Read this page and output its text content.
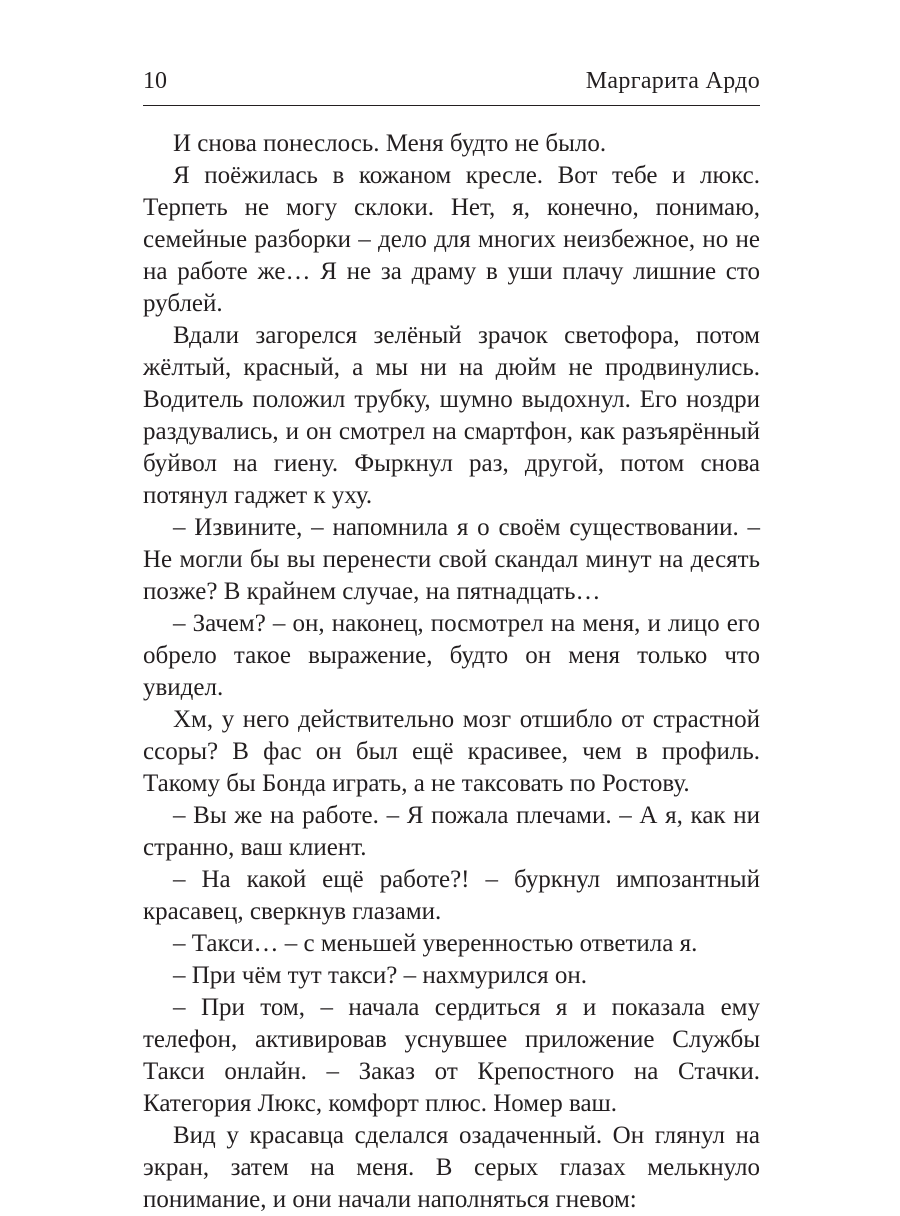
10	Маргарита Ардо

И снова понеслось. Меня будто не было.

Я поёжилась в кожаном кресле. Вот тебе и люкс. Терпеть не могу склоки. Нет, я, конечно, понимаю, семейные разборки – дело для многих неизбежное, но не на работе же… Я не за драму в уши плачу лишние сто рублей.

Вдали загорелся зелёный зрачок светофора, потом жёлтый, красный, а мы ни на дюйм не продвинулись. Водитель положил трубку, шумно выдохнул. Его ноздри раздувались, и он смотрел на смартфон, как разъярённый буйвол на гиену. Фыркнул раз, другой, потом снова потянул гаджет к уху.

– Извините, – напомнила я о своём существовании. – Не могли бы вы перенести свой скандал минут на десять позже? В крайнем случае, на пятнадцать…

– Зачем? – он, наконец, посмотрел на меня, и лицо его обрело такое выражение, будто он меня только что увидел.

Хм, у него действительно мозг отшибло от страстной ссоры? В фас он был ещё красивее, чем в профиль. Такому бы Бонда играть, а не таксовать по Ростову.

– Вы же на работе. – Я пожала плечами. – А я, как ни странно, ваш клиент.

– На какой ещё работе?! – буркнул импозантный красавец, сверкнув глазами.

– Такси… – с меньшей уверенностью ответила я.

– При чём тут такси? – нахмурился он.

– При том, – начала сердиться я и показала ему телефон, активировав уснувшее приложение Службы Такси онлайн. – Заказ от Крепостного на Стачки. Категория Люкс, комфорт плюс. Номер ваш.

Вид у красавца сделался озадаченный. Он глянул на экран, затем на меня. В серых глазах мелькнуло понимание, и они начали наполняться гневом:
